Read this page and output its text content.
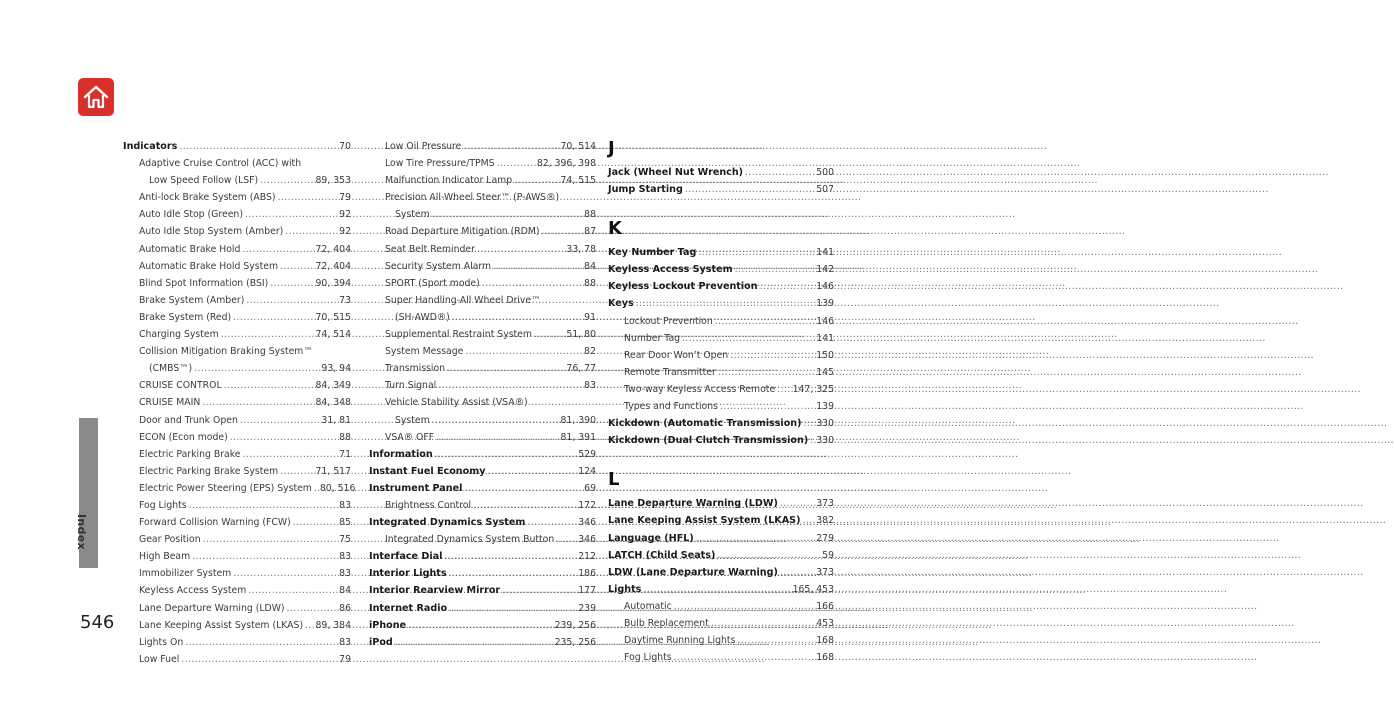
Index
546
Indicators .....	70
Adaptive Cruise Control (ACC) with
Low Speed Follow (LSF) .....	89, 353
Anti-lock Brake System (ABS) .....	79
Auto Idle Stop (Green) .....	92
Auto Idle Stop System (Amber) .....	92
Automatic Brake Hold .....	72, 404
Automatic Brake Hold System .....	72, 404
Blind Spot Information (BSI) .....	90, 394
Brake System (Amber) .....	73
Brake System (Red) .....	70, 515
Charging System .....	74, 514
Collision Mitigation Braking System™
(CMBS™) .....	93, 94
CRUISE CONTROL .....	84, 349
CRUISE MAIN .....	84, 348
Door and Trunk Open .....	31, 81
ECON (Econ mode) .....	88
Electric Parking Brake .....	71
Electric Parking Brake System .....	71, 517
Electric Power Steering (EPS) System ..... 80, 516
Fog Lights .....	83
Forward Collision Warning (FCW) .....	85
Gear Position .....	75
High Beam .....	83
Immobilizer System .....	83
Keyless Access System .....	84
Lane Departure Warning (LDW) .....	86
Lane Keeping Assist System (LKAS) ..... 89, 384
Lights On .....	83
Low Fuel .....	79
Low Oil Pressure .....	70, 514
Low Tire Pressure/TPMS .....	82, 396, 398
Malfunction Indicator Lamp .....	74, 515
Precision All-Wheel Steer™ (P-AWS®)
System .....	88
Road Departure Mitigation (RDM) .....	87
Seat Belt Reminder .....	33, 78
Security System Alarm .....	84
SPORT (Sport mode) .....	88
Super Handling-All Wheel Drive™
(SH-AWD®) .....	91
Supplemental Restraint System .....	51, 80
System Message .....	82
Transmission .....	76, 77
Turn Signal .....	83
Vehicle Stability Assist (VSA®)
System .....	81, 390
VSA® OFF .....	81, 391
Information .....	529
Instant Fuel Economy .....	124
Instrument Panel .....	69
Brightness Control .....	172
Integrated Dynamics System .....	346
Integrated Dynamics System Button .....	346
Interface Dial .....	212
Interior Lights .....	186
Interior Rearview Mirror .....	177
Internet Radio .....	239
iPhone .....	239, 256
iPod .....	235, 256
J
Jack (Wheel Nut Wrench) .....	500
Jump Starting .....	507
K
Key Number Tag .....	141
Keyless Access System .....	142
Keyless Lockout Prevention .....	146
Keys .....	139
Lockout Prevention .....	146
Number Tag .....	141
Rear Door Won’t Open .....	150
Remote Transmitter .....	145
Two-way Keyless Access Remote ..... 147, 325
Types and Functions .....	139
Kickdown (Automatic Transmission) ..... 330
Kickdown (Dual Clutch Transmission) ..... 330
L
Lane Departure Warning (LDW) .....	373
Lane Keeping Assist System (LKAS) ..... 382
Language (HFL) .....	279
LATCH (Child Seats) .....	59
LDW (Lane Departure Warning) .....	373
Lights .....	165, 453
Automatic .....	166
Bulb Replacement .....	453
Daytime Running Lights .....	168
Fog Lights .....	168
